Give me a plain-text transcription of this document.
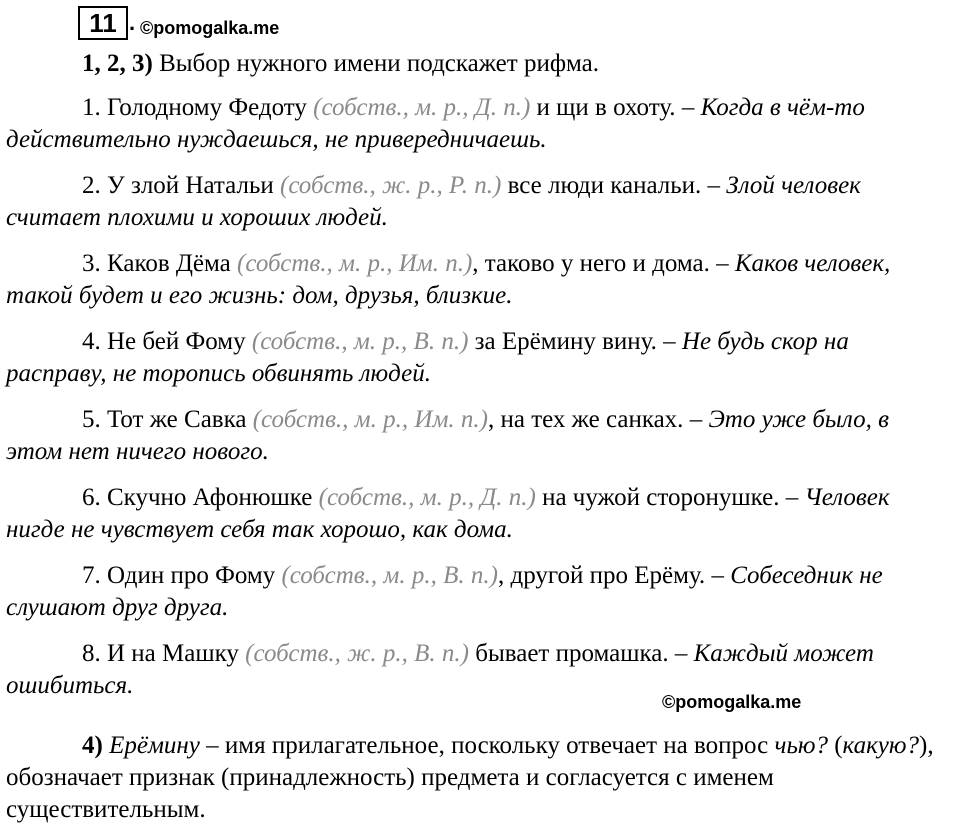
11 . ©pomogalka.me

1, 2, 3) Выбор нужного имени подскажет рифма.

1. Голодному Федоту (собств., м. р., Д. п.) и щи в охоту. – Когда в чём-то действительно нуждаешься, не привередничаешь.

2. У злой Натальи (собств., ж. р., Р. п.) все люди канальи. – Злой человек считает плохими и хороших людей.

3. Каков Дёма (собств., м. р., Им. п.), таково у него и дома. – Каков человек, такой будет и его жизнь: дом, друзья, близкие.

4. Не бей Фому (собств., м. р., В. п.) за Ерёмину вину. – Не будь скор на расправу, не торопись обвинять людей.

5. Тот же Савка (собств., м. р., Им. п.), на тех же санках. – Это уже было, в этом нет ничего нового.

6. Скучно Афонюшке (собств., м. р., Д. п.) на чужой сторонушке. – Человек нигде не чувствует себя так хорошо, как дома.

7. Один про Фому (собств., м. р., В. п.), другой про Ерёму. – Собеседник не слушают друг друга.

8. И на Машку (собств., ж. р., В. п.) бывает промашка. – Каждый может ошибиться.

4) Ерёмину – имя прилагательное, поскольку отвечает на вопрос чью? (какую?), обозначает признак (принадлежность) предмета и согласуется с именем существительным.

©pomogalka.me
